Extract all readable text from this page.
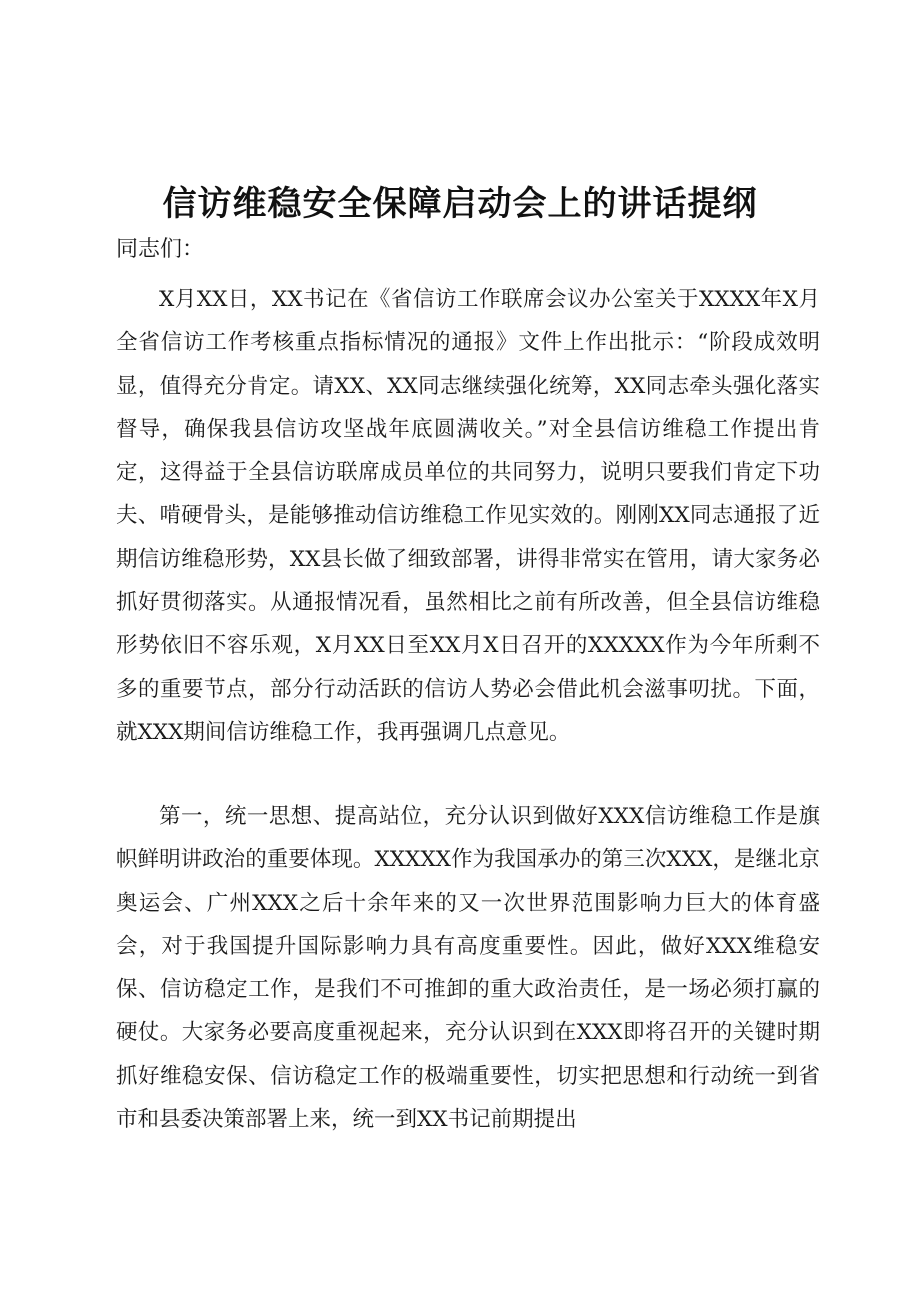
信访维稳安全保障启动会上的讲话提纲

同志们：

X月XX日，XX书记在《省信访工作联席会议办公室关于XXXX年X月全省信访工作考核重点指标情况的通报》文件上作出批示：“阶段成效明显，值得充分肯定。请XX、XX同志继续强化统筹，XX同志牵头强化落实督导，确保我县信访攻坚战年底圆满收关。”对全县信访维稳工作提出肯定，这得益于全县信访联席成员单位的共同努力，说明只要我们肯定下功夫、啃硬骨头，是能够推动信访维稳工作见实效的。刚刚XX同志通报了近期信访维稳形势，XX县长做了细致部署，讲得非常实在管用，请大家务必抓好贯彻落实。从通报情况看，虽然相比之前有所改善，但全县信访维稳形势依旧不容乐观，X月XX日至XX月X日召开的XXXXX作为今年所剩不多的重要节点，部分行动活跃的信访人势必会借此机会滋事叨扰。下面，就XXX期间信访维稳工作，我再强调几点意见。

第一，统一思想、提高站位，充分认识到做好XXX信访维稳工作是旗帜鲜明讲政治的重要体现。XXXXX作为我国承办的第三次XXX，是继北京奥运会、广州XXX之后十余年来的又一次世界范围影响力巨大的体育盛会，对于我国提升国际影响力具有高度重要性。因此，做好XXX维稳安保、信访稳定工作，是我们不可推卸的重大政治责任，是一场必须打赢的硬仗。大家务必要高度重视起来，充分认识到在XXX即将召开的关键时期抓好维稳安保、信访稳定工作的极端重要性，切实把思想和行动统一到省市和县委决策部署上来，统一到XX书记前期提出
